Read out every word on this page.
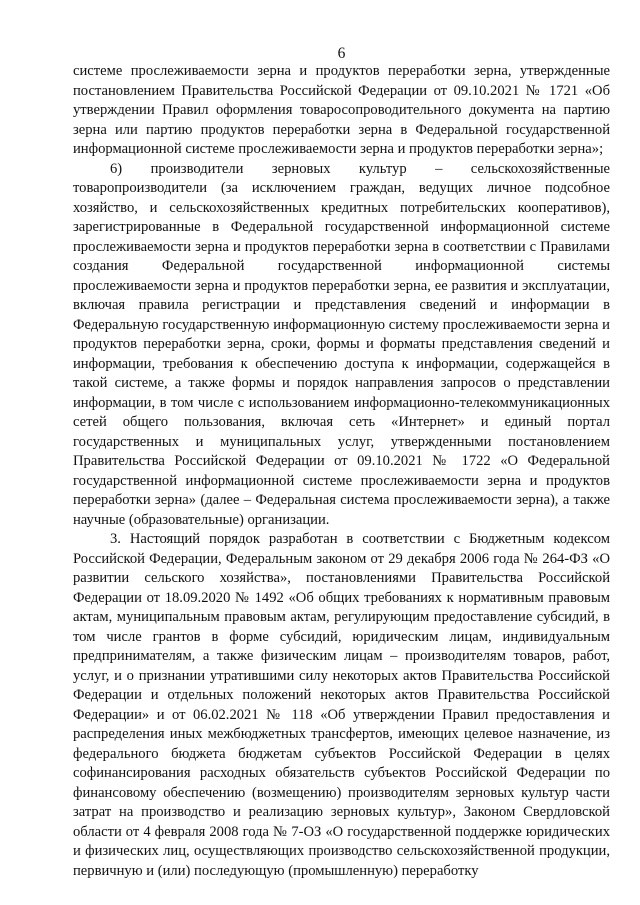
6

системе прослеживаемости зерна и продуктов переработки зерна, утвержденные постановлением Правительства Российской Федерации от 09.10.2021 № 1721 «Об утверждении Правил оформления товаросопроводительного документа на партию зерна или партию продуктов переработки зерна в Федеральной государственной информационной системе прослеживаемости зерна и продуктов переработки зерна»;

6) производители зерновых культур – сельскохозяйственные товаропроизводители (за исключением граждан, ведущих личное подсобное хозяйство, и сельскохозяйственных кредитных потребительских кооперативов), зарегистрированные в Федеральной государственной информационной системе прослеживаемости зерна и продуктов переработки зерна в соответствии с Правилами создания Федеральной государственной информационной системы прослеживаемости зерна и продуктов переработки зерна, ее развития и эксплуатации, включая правила регистрации и представления сведений и информации в Федеральную государственную информационную систему прослеживаемости зерна и продуктов переработки зерна, сроки, формы и форматы представления сведений и информации, требования к обеспечению доступа к информации, содержащейся в такой системе, а также формы и порядок направления запросов о представлении информации, в том числе с использованием информационно-телекоммуникационных сетей общего пользования, включая сеть «Интернет» и единый портал государственных и муниципальных услуг, утвержденными постановлением Правительства Российской Федерации от 09.10.2021 № 1722 «О Федеральной государственной информационной системе прослеживаемости зерна и продуктов переработки зерна» (далее – Федеральная система прослеживаемости зерна), а также научные (образовательные) организации.

3. Настоящий порядок разработан в соответствии с Бюджетным кодексом Российской Федерации, Федеральным законом от 29 декабря 2006 года № 264-ФЗ «О развитии сельского хозяйства», постановлениями Правительства Российской Федерации от 18.09.2020 № 1492 «Об общих требованиях к нормативным правовым актам, муниципальным правовым актам, регулирующим предоставление субсидий, в том числе грантов в форме субсидий, юридическим лицам, индивидуальным предпринимателям, а также физическим лицам – производителям товаров, работ, услуг, и о признании утратившими силу некоторых актов Правительства Российской Федерации и отдельных положений некоторых актов Правительства Российской Федерации» и от 06.02.2021 № 118 «Об утверждении Правил предоставления и распределения иных межбюджетных трансфертов, имеющих целевое назначение, из федерального бюджета бюджетам субъектов Российской Федерации в целях софинансирования расходных обязательств субъектов Российской Федерации по финансовому обеспечению (возмещению) производителям зерновых культур части затрат на производство и реализацию зерновых культур», Законом Свердловской области от 4 февраля 2008 года № 7-ОЗ «О государственной поддержке юридических и физических лиц, осуществляющих производство сельскохозяйственной продукции, первичную и (или) последующую (промышленную) переработку
